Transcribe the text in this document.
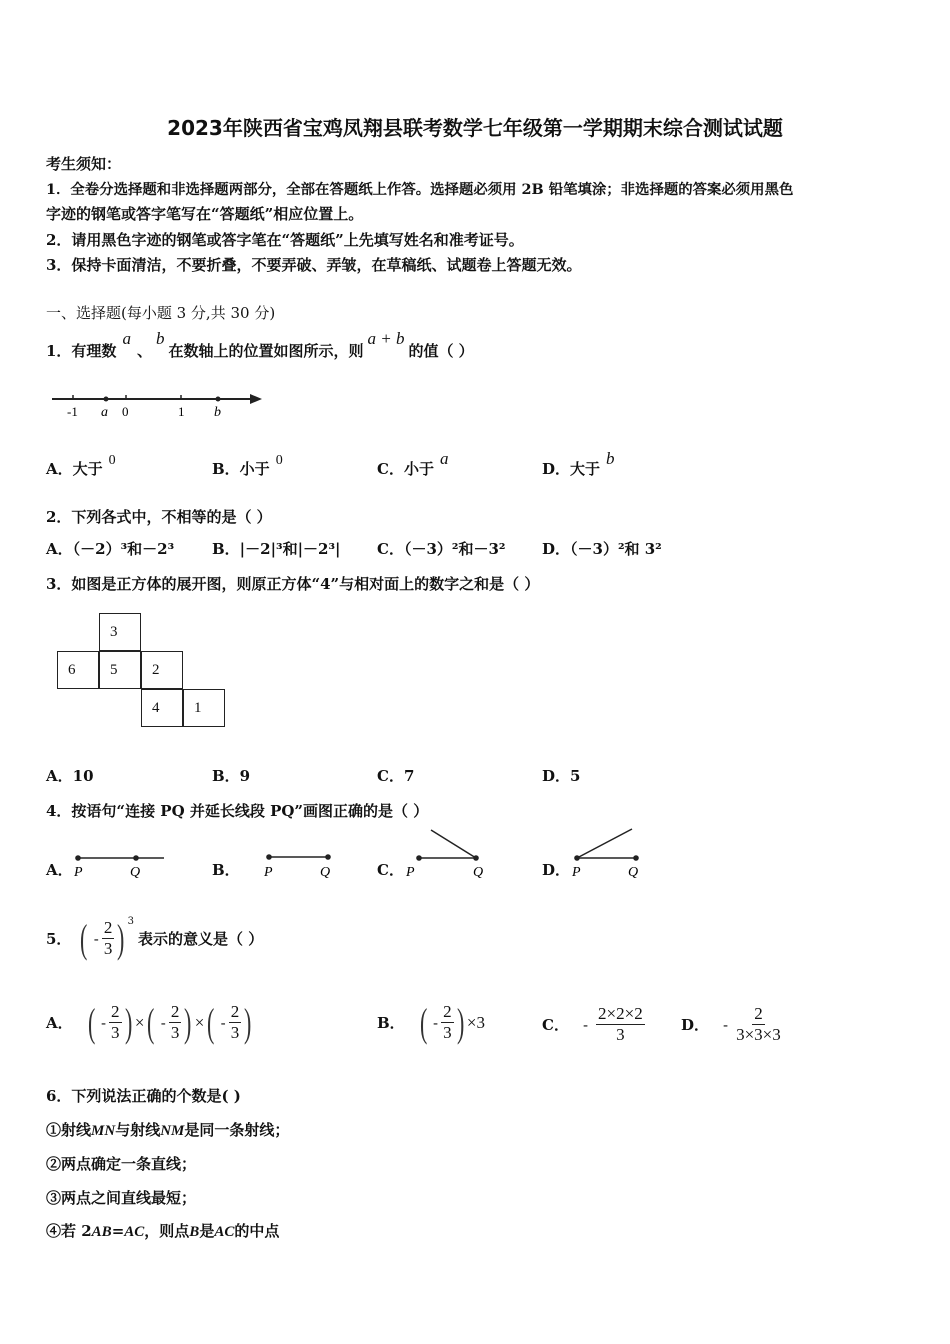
2023年陕西省宝鸡凤翔县联考数学七年级第一学期期末综合测试试题
考生须知：
1．全卷分选择题和非选择题两部分，全部在答题纸上作答。选择题必须用 2B 铅笔填涂；非选择题的答案必须用黑色
字迹的钢笔或答字笔写在“答题纸”相应位置上。
2．请用黑色字迹的钢笔或答字笔在“答题纸”上先填写姓名和准考证号。
3．保持卡面清洁，不要折叠，不要弄破、弄皱，在草稿纸、试题卷上答题无效。
一、选择题(每小题 3 分,共 30 分)
1．有理数a、b在数轴上的位置如图所示，则a + b的值（ ）
-1 a 0	1 b
A．大于 0	B．小于 0	C．小于a
D．大于b
2．下列各式中，不相等的是（ ）
A．（－2）³和－2³	B．|－2|³和|－2³| C．（－3）²和－3² D．（－3）²和 3²
3．如图是正方体的展开图，则原正方体“4”与相对面上的数字之和是（ ）
3
6	5	2
4	1
A．10	B．9	C．7	D．5
4．按语句“连接 PQ 并延长线段 PQ”画图正确的是（ ）
A． P	Q	B． P	Q	C． P	Q	D． P	Q
5． ( - $\frac{2}{3}$ ) 3
表示的意义是（ ）
A． ( - $\frac{2}{3}$ ) × ( - $\frac{2}{3}$ ) × ( - $\frac{2}{3}$ )	B． ( - $\frac{2}{3}$ ) ×3	C． - $\frac{2\times 2\times 2}{3}$ D． - $\frac{2}{3\times 3\times 3}$
6．下列说法正确的个数是( )
①射线MN与射线NM是同一条射线；
②两点确定一条直线；
③两点之间直线最短；
④若 2AB=AC，则点B是AC的中点
